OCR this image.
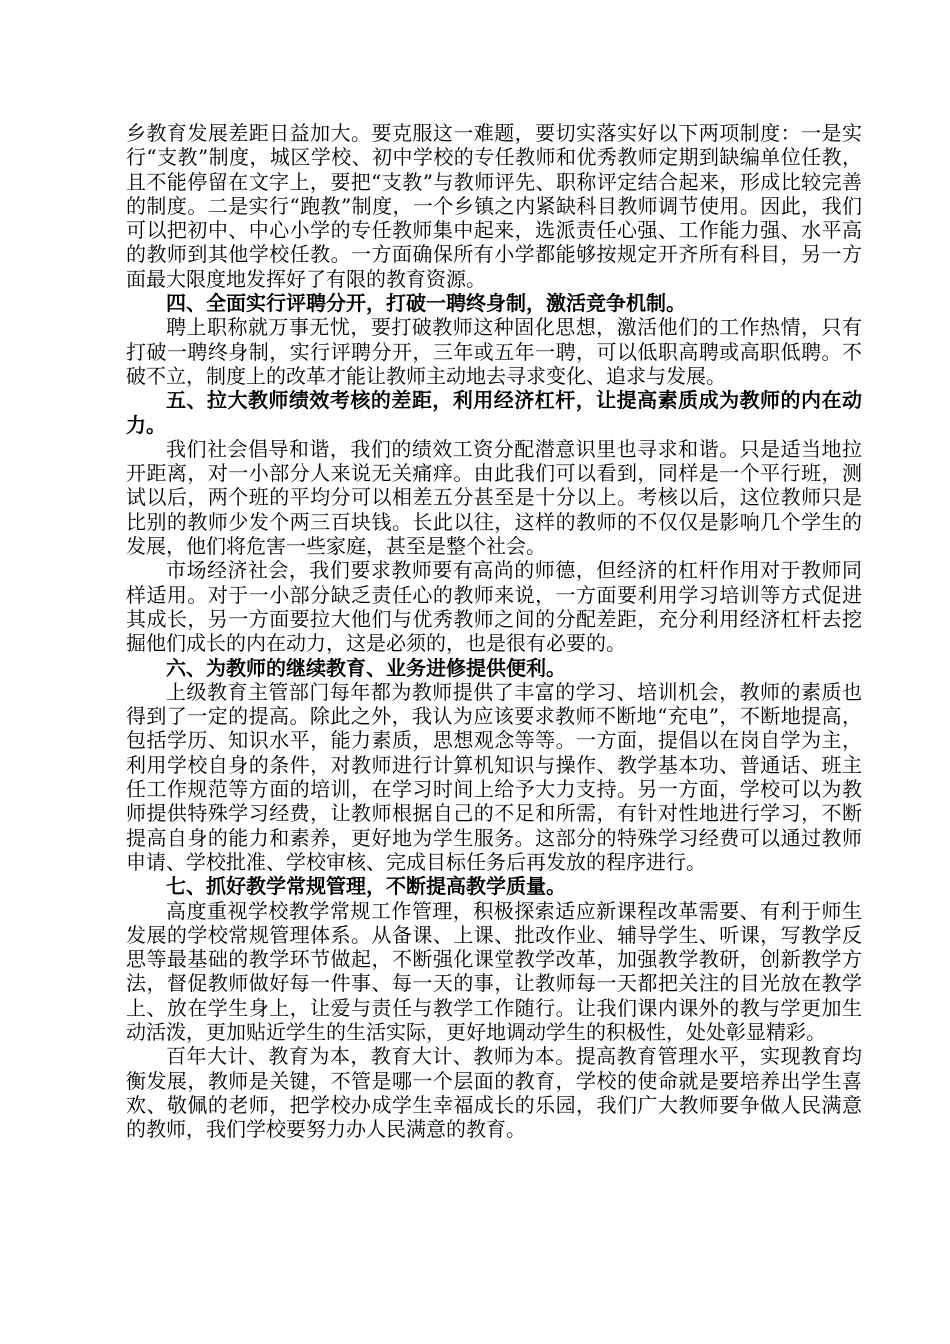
乡教育发展差距日益加大。要克服这一难题，要切实落实好以下两项制度：一是实行“支教”制度，城区学校、初中学校的专任教师和优秀教师定期到缺编单位任教，且不能停留在文字上，要把“支教”与教师评先、职称评定结合起来，形成比较完善的制度。二是实行“跑教”制度，一个乡镇之内紧缺科目教师调节使用。因此，我们可以把初中、中心小学的专任教师集中起来，选派责任心强、工作能力强、水平高的教师到其他学校任教。一方面确保所有小学都能够按规定开齐所有科目，另一方面最大限度地发挥好了有限的教育资源。

四、全面实行评聘分开，打破一聘终身制，激活竞争机制。

聘上职称就万事无忧，要打破教师这种固化思想，激活他们的工作热情，只有打破一聘终身制，实行评聘分开，三年或五年一聘，可以低职高聘或高职低聘。不破不立，制度上的改革才能让教师主动地去寻求变化、追求与发展。

五、拉大教师绩效考核的差距，利用经济杠杆，让提高素质成为教师的内在动力。

我们社会倡导和谐，我们的绩效工资分配潜意识里也寻求和谐。只是适当地拉开距离，对一小部分人来说无关痛痒。由此我们可以看到，同样是一个平行班，测试以后，两个班的平均分可以相差五分甚至是十分以上。考核以后，这位教师只是比别的教师少发个两三百块钱。长此以往，这样的教师的不仅仅是影响几个学生的发展，他们将危害一些家庭，甚至是整个社会。

市场经济社会，我们要求教师要有高尚的师德，但经济的杠杆作用对于教师同样适用。对于一小部分缺乏责任心的教师来说，一方面要利用学习培训等方式促进其成长，另一方面要拉大他们与优秀教师之间的分配差距，充分利用经济杠杆去挖掘他们成长的内在动力，这是必须的，也是很有必要的。

六、为教师的继续教育、业务进修提供便利。

上级教育主管部门每年都为教师提供了丰富的学习、培训机会，教师的素质也得到了一定的提高。除此之外，我认为应该要求教师不断地“充电”，不断地提高，包括学历、知识水平，能力素质，思想观念等等。一方面，提倡以在岗自学为主，利用学校自身的条件，对教师进行计算机知识与操作、教学基本功、普通话、班主任工作规范等方面的培训，在学习时间上给予大力支持。另一方面，学校可以为教师提供特殊学习经费，让教师根据自己的不足和所需，有针对性地进行学习，不断提高自身的能力和素养，更好地为学生服务。这部分的特殊学习经费可以通过教师申请、学校批准、学校审核、完成目标任务后再发放的程序进行。

七、抓好教学常规管理，不断提高教学质量。

高度重视学校教学常规工作管理，积极探索适应新课程改革需要、有利于师生发展的学校常规管理体系。从备课、上课、批改作业、辅导学生、听课，写教学反思等最基础的教学环节做起，不断强化课堂教学改革，加强教学教研，创新教学方法，督促教师做好每一件事、每一天的事，让教师每一天都把关注的目光放在教学上、放在学生身上，让爱与责任与教学工作随行。让我们课内课外的教与学更加生动活泼，更加贴近学生的生活实际，更好地调动学生的积极性，处处彰显精彩。

百年大计、教育为本，教育大计、教师为本。提高教育管理水平，实现教育均衡发展，教师是关键，不管是哪一个层面的教育，学校的使命就是要培养出学生喜欢、敬佩的老师，把学校办成学生幸福成长的乐园，我们广大教师要争做人民满意的教师，我们学校要努力办人民满意的教育。
